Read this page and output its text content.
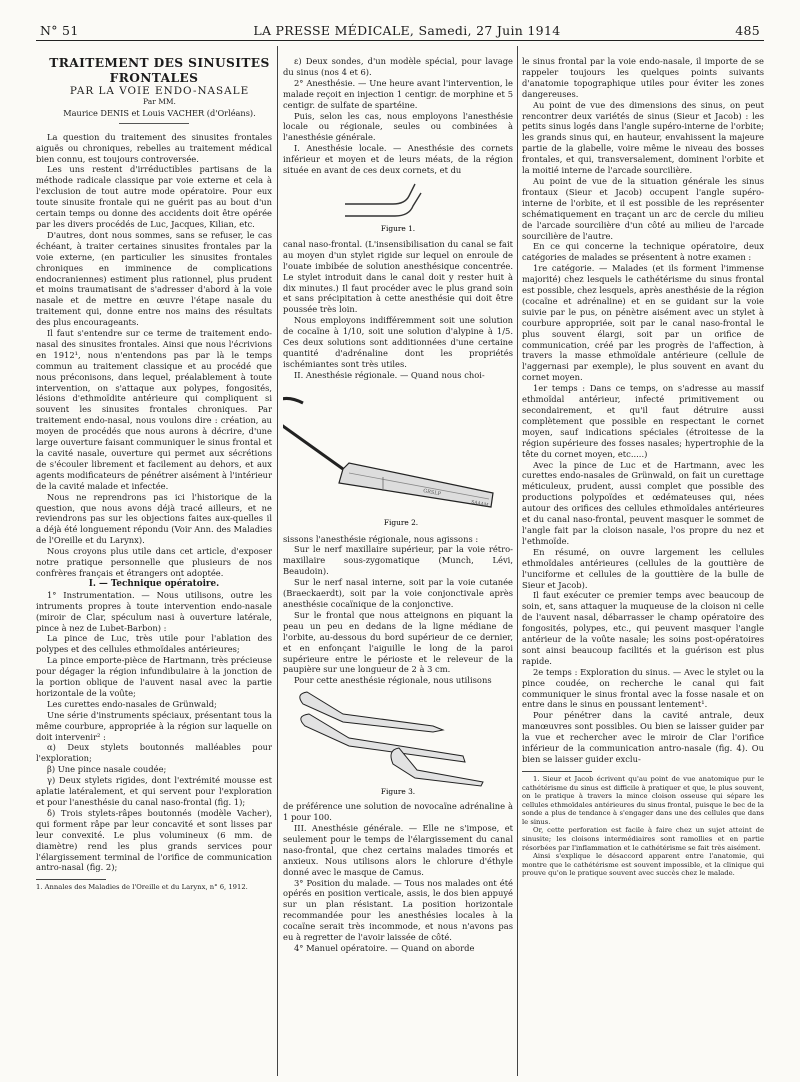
N° 51	LA PRESSE MÉDICALE, Samedi, 27 Juin 1914	485

TRAITEMENT DES SINUSITES FRONTALES

PAR LA VOIE ENDO-NASALE

Par MM.

Maurice DENIS et Louis VACHER (d'Orléans).

La question du traitement des sinusites frontales aiguës ou chroniques, rebelles au traitement médical bien connu, est toujours controversée.

Les uns restent d'irréductibles partisans de la méthode radicale classique par voie externe et cela à l'exclusion de tout autre mode opératoire. Pour eux toute sinusite frontale qui ne guérit pas au bout d'un certain temps ou donne des accidents doit être opérée par les divers procédés de Luc, Jacques, Kilian, etc.

D'autres, dont nous sommes, sans se refuser, le cas échéant, à traiter certaines sinusites frontales par la voie externe, (en particulier les sinusites frontales chroniques en imminence de complications endocraniennes) estiment plus rationnel, plus prudent et moins traumatisant de s'adresser d'abord à la voie nasale et de mettre en œuvre l'étape nasale du traitement qui, donne entre nos mains des résultats des plus encourageants.

Il faut s'entendre sur ce terme de traitement endo-nasal des sinusites frontales. Ainsi que nous l'écrivions en 1912¹, nous n'entendons pas par là le temps commun au traitement classique et au procédé que nous préconisons, dans lequel, préalablement à toute intervention, on s'attaque aux polypes, fongosités, lésions d'ethmoïdite antérieure qui compliquent si souvent les sinusites frontales chroniques. Par traitement endo-nasal, nous voulons dire : création, au moyen de procédés que nous aurons à décrire, d'une large ouverture faisant communiquer le sinus frontal et la cavité nasale, ouverture qui permet aux sécrétions de s'écouler librement et facilement au dehors, et aux agents modificateurs de pénétrer aisément à l'intérieur de la cavité malade et infectée.

Nous ne reprendrons pas ici l'historique de la question, que nous avons déjà tracé ailleurs, et ne reviendrons pas sur les objections faites aux-quelles il a déjà été longuement répondu (Voir Ann. des Maladies de l'Oreille et du Larynx).

Nous croyons plus utile dans cet article, d'exposer notre pratique personnelle que plusieurs de nos confrères français et étrangers ont adoptée.

I. — Technique opératoire.

1° Instrumentation. — Nous utilisons, outre les intruments propres à toute intervention endo-nasale (miroir de Clar, spéculum nasi à ouverture latérale, pince à nez de Lubet-Barbon) :

La pince de Luc, très utile pour l'ablation des polypes et des cellules ethmoïdales antérieures;

La pince emporte-pièce de Hartmann, très précieuse pour dégager la région infundibulaire à la jonction de la portion oblique de l'auvent nasal avec la partie horizontale de la voûte;

Les curettes endo-nasales de Grünwald;

Une série d'instruments spéciaux, présentant tous la même courbure, appropriée à la région sur laquelle on doit intervenir² :

α) Deux stylets boutonnés malléables pour l'exploration;

β) Une pince nasale coudée;

γ) Deux stylets rigides, dont l'extrémité mousse est aplatie latéralement, et qui servent pour l'exploration et pour l'anesthésie du canal naso-frontal (fig. 1);

δ) Trois stylets-râpes boutonnés (modèle Vacher), qui forment râpe par leur concavité et sont lisses par leur convexité. Le plus volumineux (6 mm. de diamètre) rend les plus grands services pour l'élargissement terminal de l'orifice de communication antro-nasal (fig. 2);

1. Annales des Maladies de l'Oreille et du Larynx, n° 6, 1912.

ε) Deux sondes, d'un modèle spécial, pour lavage du sinus (nos 4 et 6).

2° Anesthésie. — Une heure avant l'intervention, le malade reçoit en injection 1 centigr. de morphine et 5 centigr. de sulfate de spartéine.

Puis, selon les cas, nous employons l'anesthésie locale ou régionale, seules ou combinées à l'anesthésie générale.

I. Anesthésie locale. — Anesthésie des cornets inférieur et moyen et de leurs méats, de la région située en avant de ces deux cornets, et du

Figure 1.

canal naso-frontal. (L'insensibilisation du canal se fait au moyen d'un stylet rigide sur lequel on enroule de l'ouate imbibée de solution anesthésique concentrée. Le stylet introduit dans le canal doit y rester huit à dix minutes.) Il faut procéder avec le plus grand soin et sans précipitation à cette anesthésie qui doit être poussée très loin.

Nous employons indifféremment soit une solution de cocaïne à 1/10, soit une solution d'alypine à 1/5. Ces deux solutions sont additionnées d'une certaine quantité d'adrénaline dont les propriétés ischémiantes sont très utiles.

II. Anesthésie régionale. — Quand nous choi-

GRSLP
SAAAM
Figure 2.

sissons l'anesthésie régionale, nous agissons :

Sur le nerf maxillaire supérieur, par la voie rétro-maxillaire sous-zygomatique (Munch, Lévi, Beaudoin).

Sur le nerf nasal interne, soit par la voie cutanée (Braeckaerdt), soit par la voie conjonctivale après anesthésie cocaïnique de la conjonctive.

Sur le frontal que nous atteignons en piquant la peau un peu en dedans de la ligne médiane de l'orbite, au-dessous du bord supérieur de ce dernier, et en enfonçant l'aiguille le long de la paroi supérieure entre le périoste et le releveur de la paupière sur une longueur de 2 à 3 cm.

Pour cette anesthésie régionale, nous utilisons

Figure 3.

de préférence une solution de novocaïne adrénaline à 1 pour 100.

III. Anesthésie générale. — Elle ne s'impose, et seulement pour le temps de l'élargissement du canal naso-frontal, que chez certains malades timorés et anxieux. Nous utilisons alors le chlorure d'éthyle donné avec le masque de Camus.

3° Position du malade. — Tous nos malades ont été opérés en position verticale, assis, le dos bien appuyé sur un plan résistant. La position horizontale recommandée pour les anesthésies locales à la cocaïne serait très incommode, et nous n'avons pas eu à regretter de l'avoir laissée de côté.

4° Manuel opératoire. — Quand on aborde

le sinus frontal par la voie endo-nasale, il importe de se rappeler toujours les quelques points suivants d'anatomie topographique utiles pour éviter les zones dangereuses.

Au point de vue des dimensions des sinus, on peut rencontrer deux variétés de sinus (Sieur et Jacob) : les petits sinus logés dans l'angle supéro-interne de l'orbite; les grands sinus qui, en hauteur, envahissent la majeure partie de la glabelle, voire même le niveau des bosses frontales, et qui, transversalement, dominent l'orbite et la moitié interne de l'arcade sourcilière.

Au point de vue de la situation générale les sinus frontaux (Sieur et Jacob) occupent l'angle supéro-interne de l'orbite, et il est possible de les représenter schématiquement en traçant un arc de cercle du milieu de l'arcade sourcilière d'un côté au milieu de l'arcade sourcilière de l'autre.

En ce qui concerne la technique opératoire, deux catégories de malades se présentent à notre examen :

1re catégorie. — Malades (et ils forment l'immense majorité) chez lesquels le cathétérisme du sinus frontal est possible, chez lesquels, après anesthésie de la région (cocaïne et adrénaline) et en se guidant sur la voie suivie par le pus, on pénètre aisément avec un stylet à courbure appropriée, soit par le canal naso-frontal le plus souvent élargi, soit par un orifice de communication, créé par les progrès de l'affection, à travers la masse ethmoïdale antérieure (cellule de l'aggernasi par exemple), le plus souvent en avant du cornet moyen.

1er temps : Dans ce temps, on s'adresse au massif ethmoïdal antérieur, infecté primitivement ou secondairement, et qu'il faut détruire aussi complètement que possible en respectant le cornet moyen, sauf indications spéciales (étroitesse de la région supérieure des fosses nasales; hypertrophie de la tête du cornet moyen, etc.....)

Avec la pince de Luc et de Hartmann, avec les curettes endo-nasales de Grünwald, on fait un curettage méticuleux, prudent, aussi complet que possible des productions polypoïdes et œdémateuses qui, nées autour des orifices des cellules ethmoïdales antérieures et du canal naso-frontal, peuvent masquer le sommet de l'angle fait par la cloison nasale, l'os propre du nez et l'ethmoïde.

En résumé, on ouvre largement les cellules ethmoïdales antérieures (cellules de la gouttière de l'unciforme et cellules de la gouttière de la bulle de Sieur et Jacob).

Il faut exécuter ce premier temps avec beaucoup de soin, et, sans attaquer la muqueuse de la cloison ni celle de l'auvent nasal, débarrasser le champ opératoire des fongosités, polypes, etc., qui peuvent masquer l'angle antérieur de la voûte nasale; les soins post-opératoires sont ainsi beaucoup facilités et la guérison est plus rapide.

2e temps : Exploration du sinus. — Avec le stylet ou la pince coudée, on recherche le canal qui fait communiquer le sinus frontal avec la fosse nasale et on entre dans le sinus en poussant lentement¹.

Pour pénétrer dans la cavité antrale, deux manœuvres sont possibles. Ou bien se laisser guider par la vue et rechercher avec le miroir de Clar l'orifice inférieur de la communication antro-nasale (fig. 4). Ou bien se laisser guider exclu-

1. Sieur et Jacob écrivent qu'au point de vue anatomique pur le cathétérisme du sinus est difficile à pratiquer et que, le plus souvent, on le pratique à travers la mince cloison osseuse qui sépare les cellules ethmoïdales antérieures du sinus frontal, puisque le bec de la sonde a plus de tendance à s'engager dans une des cellules que dans le sinus.

Or, cette perforation est facile à faire chez un sujet atteint de sinusite; les cloisons intermédiaires sont ramollies et en partie résorbées par l'inflammation et le cathétérisme se fait très aisément.

Ainsi s'explique le désaccord apparent entre l'anatomie, qui montre que le cathétérisme est souvent impossible, et la clinique qui prouve qu'on le pratique souvent avec succès chez le malade.
